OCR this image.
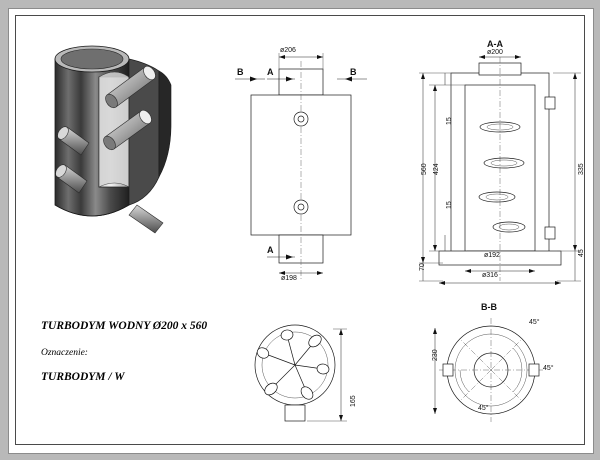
ø206
ø198
B	B
A
A
A-A
ø200
ø192
ø316
15
424
15
70
560	335
45
TURBODYM WODNY Ø200 x 560
Oznaczenie:
TURBODYM / W
165
B-B
230
45°
45°
45°
